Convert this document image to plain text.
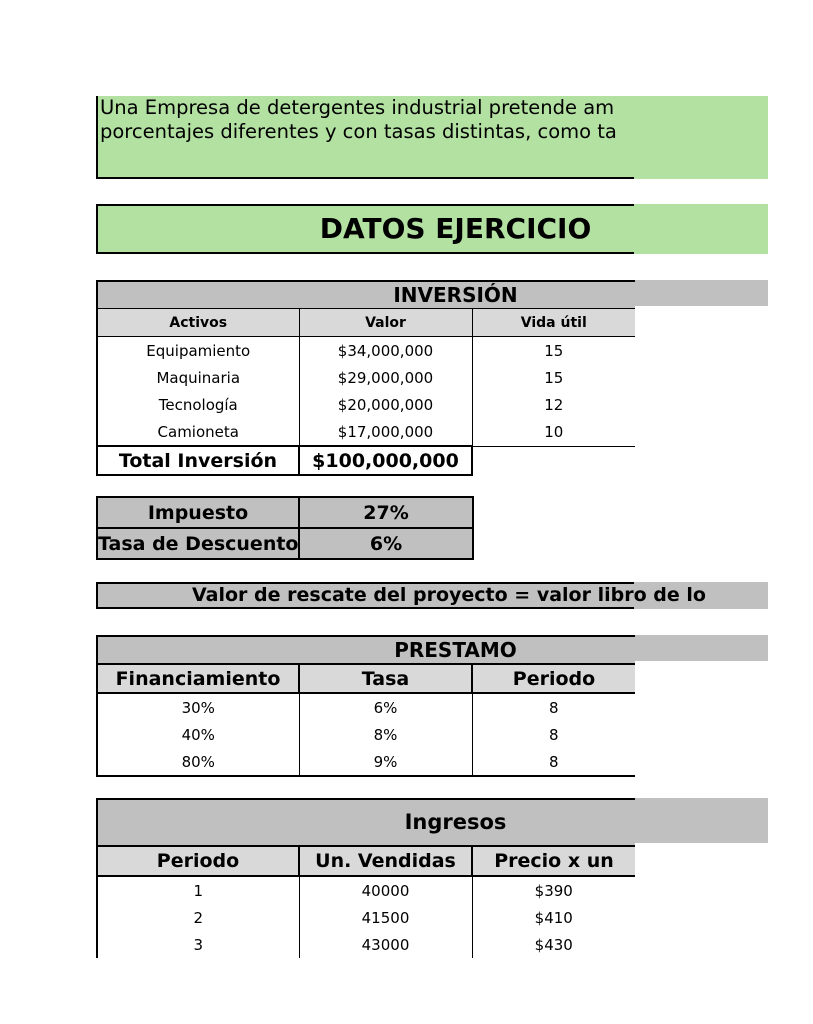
Una Empresa de detergentes industrial pretende am
porcentajes diferentes y con tasas distintas, como ta
DATOS EJERCICIO
INVERSIÓN		

Activos	Valor	Vida útil
Equipamiento	$34,000,000	15
Maquinaria	$29,000,000	15
Tecnología	$20,000,000	12
Camioneta	$17,000,000	10
Total Inversión	$100,000,000	
Impuesto	27%
Tasa de Descuento	6%
Valor de rescate del proyecto = valor libro de lo
PRESTAMO		

Financiamiento	Tasa	Periodo
30%	6%	8
40%	8%	8
80%	9%	8
Ingresos		

Periodo	Un. Vendidas	Precio x un
1	40000	$390
2	41500	$410
3	43000	$430
